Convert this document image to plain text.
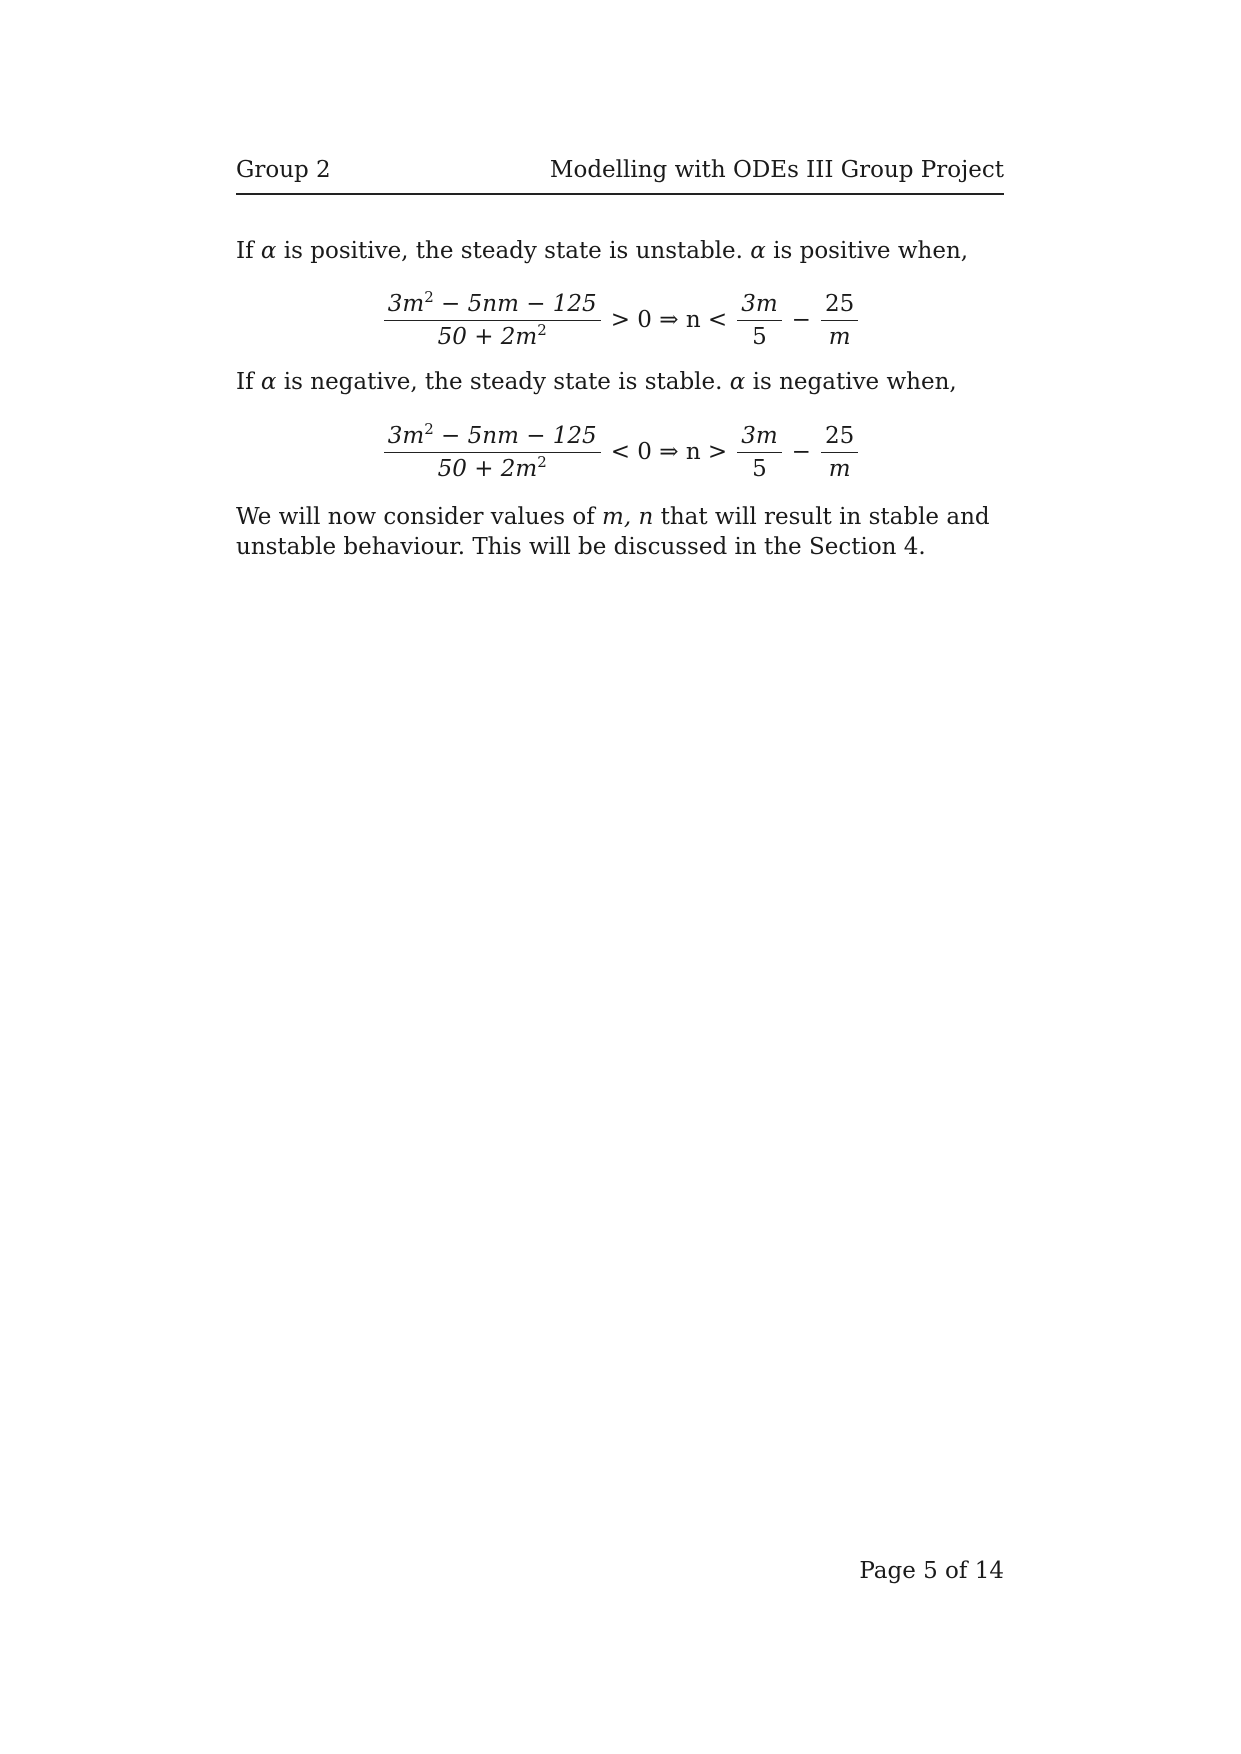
Group 2	Modelling with ODEs III Group Project
If α is positive, the steady state is unstable. α is positive when,
$\frac{3m^2 - 5nm - 125}{50 + 2m^2} > 0$ ⇒ $n < \frac{3m}{5} - \frac{25}{m}$
If α is negative, the steady state is stable. α is negative when,
$\frac{3m^2 - 5nm - 125}{50 + 2m^2} < 0$ ⇒ $n > \frac{3m}{5} - \frac{25}{m}$
We will now consider values of m, n that will result in stable and unstable behaviour. This will be discussed in the Section 4.
Page 5 of 14
